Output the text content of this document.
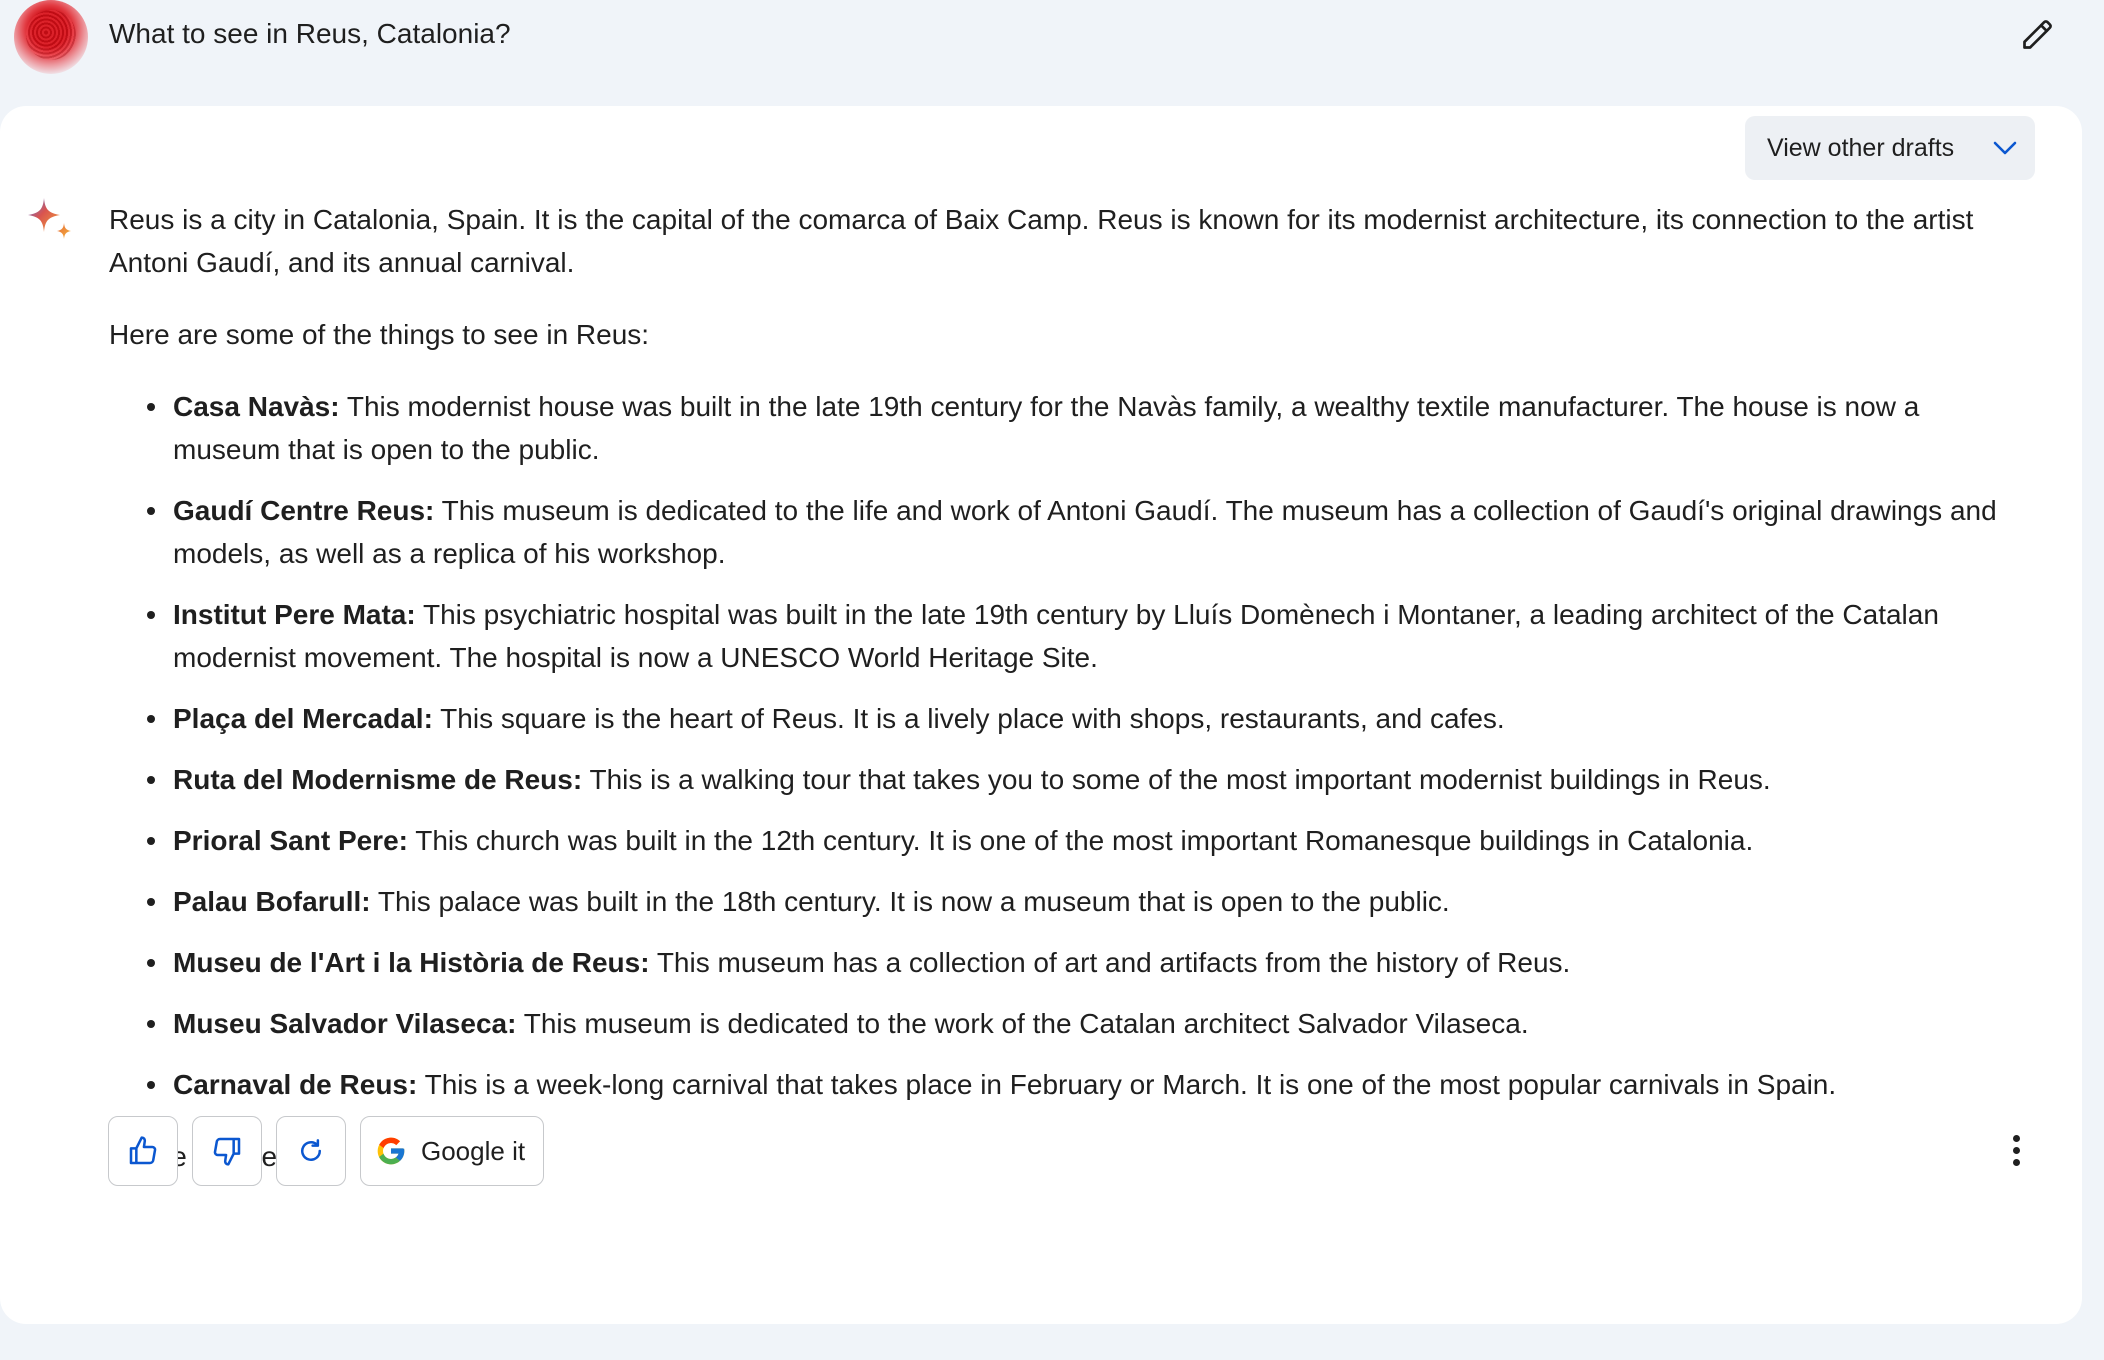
What to see in Reus, Catalonia?
View other drafts

Reus is a city in Catalonia, Spain. It is the capital of the comarca of Baix Camp. Reus is known for its modernist architecture, its connection to the artist Antoni Gaudí, and its annual carnival.

Here are some of the things to see in Reus:

Casa Navàs: This modernist house was built in the late 19th century for the Navàs family, a wealthy textile manufacturer. The house is now a museum that is open to the public.
Gaudí Centre Reus: This museum is dedicated to the life and work of Antoni Gaudí. The museum has a collection of Gaudí's original drawings and models, as well as a replica of his workshop.
Institut Pere Mata: This psychiatric hospital was built in the late 19th century by Lluís Domènech i Montaner, a leading architect of the Catalan modernist movement. The hospital is now a UNESCO World Heritage Site.
Plaça del Mercadal: This square is the heart of Reus. It is a lively place with shops, restaurants, and cafes.
Ruta del Modernisme de Reus: This is a walking tour that takes you to some of the most important modernist buildings in Reus.
Prioral Sant Pere: This church was built in the 12th century. It is one of the most important Romanesque buildings in Catalonia.
Palau Bofarull: This palace was built in the 18th century. It is now a museum that is open to the public.
Museu de l'Art i la Història de Reus: This museum has a collection of art and artifacts from the history of Reus.
Museu Salvador Vilaseca: This museum is dedicated to the work of the Catalan architect Salvador Vilaseca.
Carnaval de Reus: This is a week-long carnival that takes place in February or March. It is one of the most popular carnivals in Spain.

Google it
